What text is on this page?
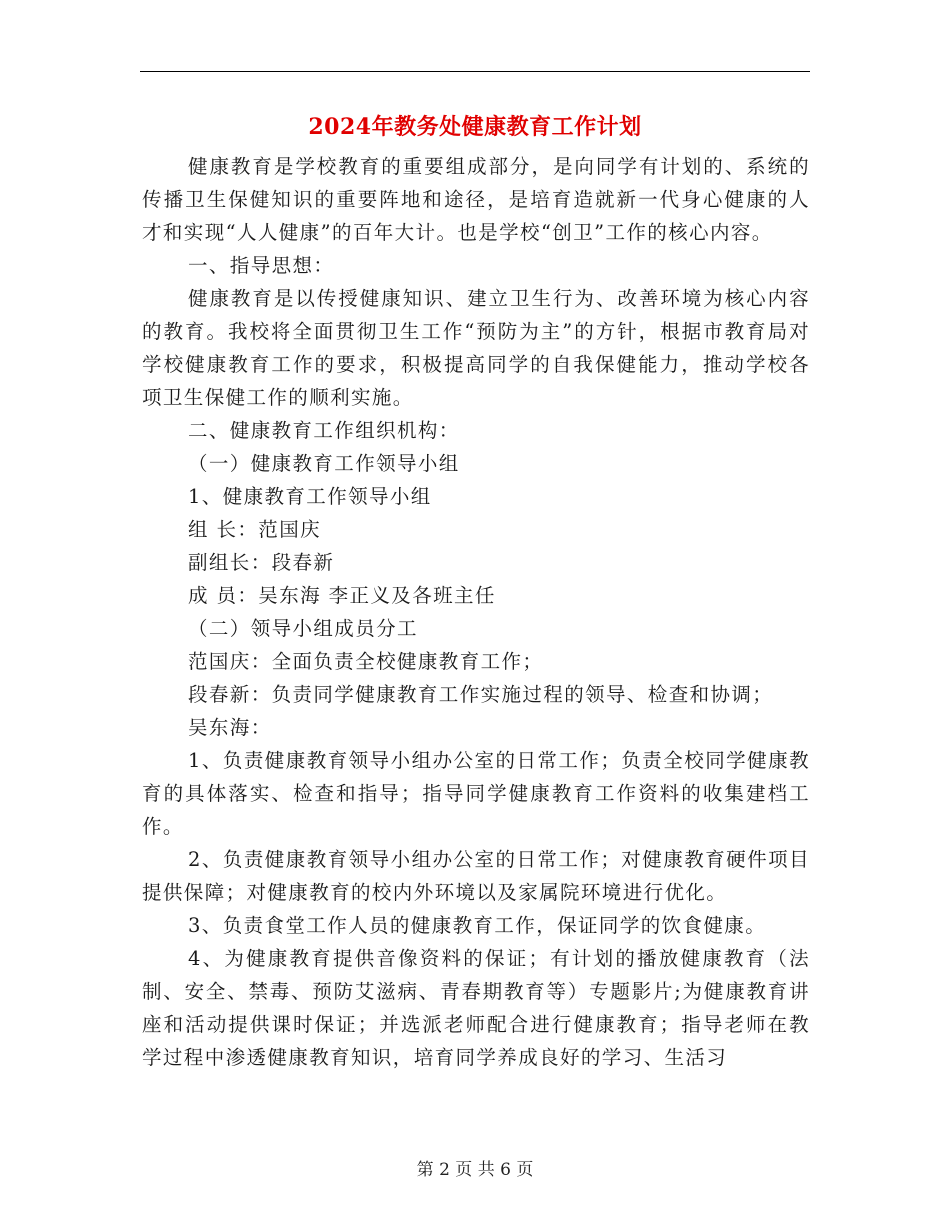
2024年教务处健康教育工作计划

健康教育是学校教育的重要组成部分，是向同学有计划的、系统的传播卫生保健知识的重要阵地和途径，是培育造就新一代身心健康的人才和实现“人人健康”的百年大计。也是学校“创卫”工作的核心内容。

一、指导思想：

健康教育是以传授健康知识、建立卫生行为、改善环境为核心内容的教育。我校将全面贯彻卫生工作“预防为主”的方针，根据市教育局对学校健康教育工作的要求，积极提高同学的自我保健能力，推动学校各项卫生保健工作的顺利实施。

二、健康教育工作组织机构：

（一）健康教育工作领导小组

1、健康教育工作领导小组

组 长：范国庆

副组长：段春新

成 员：吴东海 李正义及各班主任

（二）领导小组成员分工

范国庆：全面负责全校健康教育工作；

段春新：负责同学健康教育工作实施过程的领导、检查和协调；

吴东海：

1、负责健康教育领导小组办公室的日常工作；负责全校同学健康教育的具体落实、检查和指导；指导同学健康教育工作资料的收集建档工作。

2、负责健康教育领导小组办公室的日常工作；对健康教育硬件项目提供保障；对健康教育的校内外环境以及家属院环境进行优化。

3、负责食堂工作人员的健康教育工作，保证同学的饮食健康。

4、为健康教育提供音像资料的保证；有计划的播放健康教育（法制、安全、禁毒、预防艾滋病、青春期教育等）专题影片;为健康教育讲座和活动提供课时保证；并选派老师配合进行健康教育；指导老师在教学过程中渗透健康教育知识，培育同学养成良好的学习、生活习

第 2 页 共 6 页
